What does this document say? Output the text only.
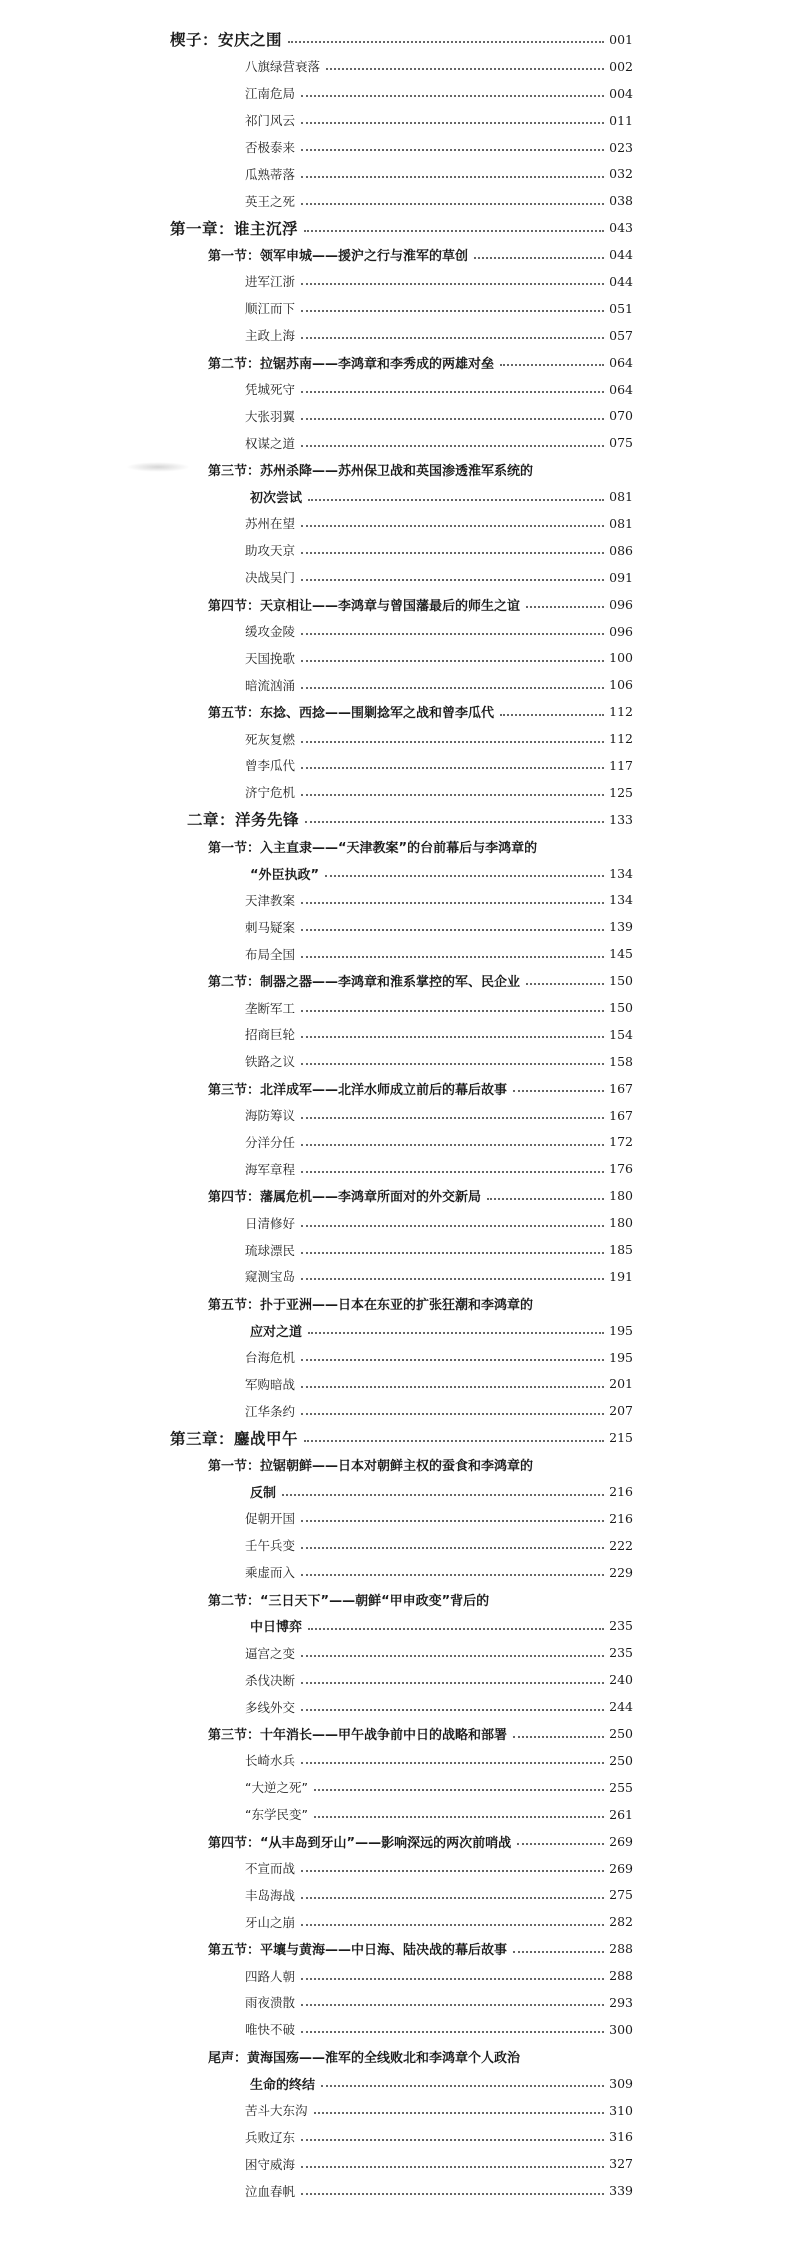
楔子：安庆之围	001
八旗绿营衰落	002
江南危局	004
祁门风云	011
否极泰来	023
瓜熟蒂落	032
英王之死	038
第一章：谁主沉浮	043
第一节：领军申城——援沪之行与淮军的草创	044
进军江浙	044
顺江而下	051
主政上海	057
第二节：拉锯苏南——李鸿章和李秀成的两雄对垒	064
凭城死守	064
大张羽翼	070
权谋之道	075
第三节：苏州杀降——苏州保卫战和英国渗透淮军系统的
初次尝试	081
苏州在望	081
助攻天京	086
决战吴门	091
第四节：天京相让——李鸿章与曾国藩最后的师生之谊	096
缓攻金陵	096
天国挽歌	100
暗流汹涌	106
第五节：东捻、西捻——围剿捻军之战和曾李瓜代	112
死灰复燃	112
曾李瓜代	117
济宁危机	125
二章：洋务先锋	133
第一节：入主直隶——“天津教案”的台前幕后与李鸿章的
“外臣执政”	134
天津教案	134
刺马疑案	139
布局全国	145
第二节：制器之器——李鸿章和淮系掌控的军、民企业	150
垄断军工	150
招商巨轮	154
铁路之议	158
第三节：北洋成军——北洋水师成立前后的幕后故事	167
海防筹议	167
分洋分任	172
海军章程	176
第四节：藩属危机——李鸿章所面对的外交新局	180
日清修好	180
琉球漂民	185
窥测宝岛	191
第五节：扑于亚洲——日本在东亚的扩张狂潮和李鸿章的
应对之道	195
台海危机	195
军购暗战	201
江华条约	207
第三章：鏖战甲午	215
第一节：拉锯朝鲜——日本对朝鲜主权的蚕食和李鸿章的
反制	216
促朝开国	216
壬午兵变	222
乘虚而入	229
第二节：“三日天下”——朝鲜“甲申政变”背后的
中日博弈	235
逼宫之变	235
杀伐决断	240
多线外交	244
第三节：十年消长——甲午战争前中日的战略和部署	250
长崎水兵	250
“大逆之死”	255
“东学民变”	261
第四节：“从丰岛到牙山”——影响深远的两次前哨战	269
不宣而战	269
丰岛海战	275
牙山之崩	282
第五节：平壤与黄海——中日海、陆决战的幕后故事	288
四路人朝	288
雨夜溃散	293
唯快不破	300
尾声：黄海国殇——淮军的全线败北和李鸿章个人政治
生命的终结	309
苦斗大东沟	310
兵败辽东	316
困守威海	327
泣血春帆	339
